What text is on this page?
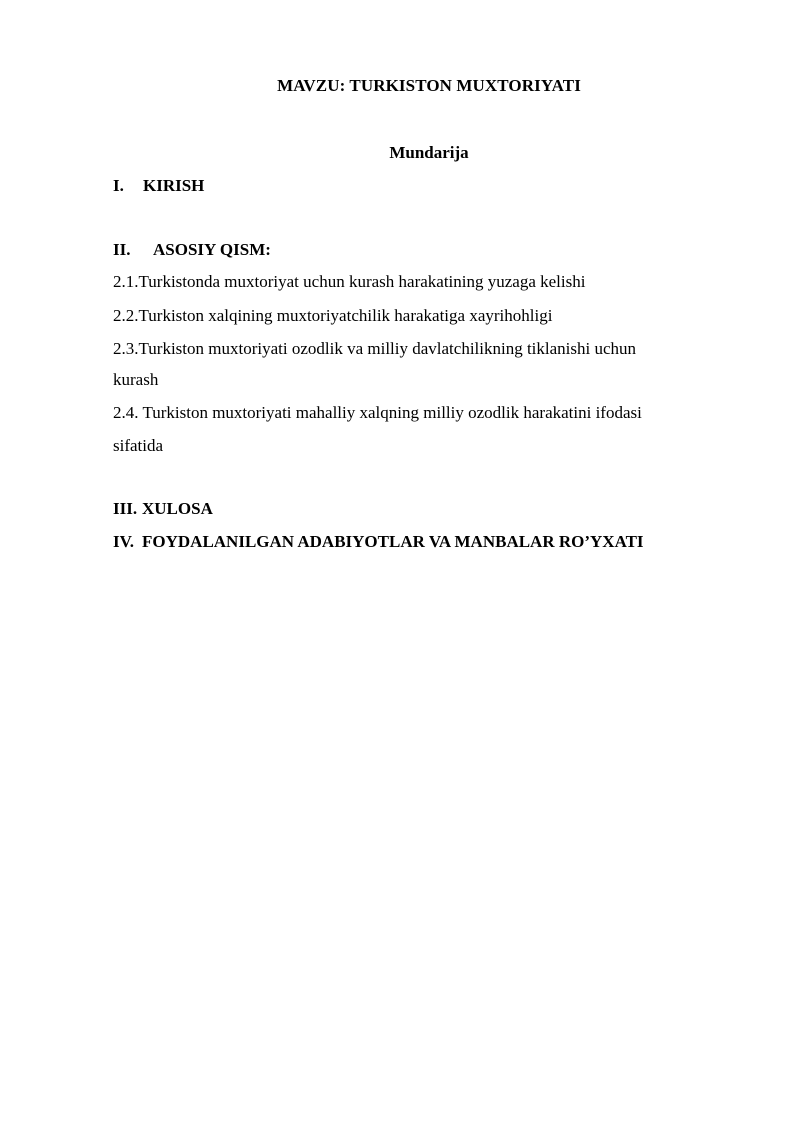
MAVZU: TURKISTON MUXTORIYATI
Mundarija
I. KIRISH
II. ASOSIY QISM:
2.1.Turkistonda muxtoriyat uchun kurash harakatining yuzaga kelishi
2.2.Turkiston xalqining muxtoriyatchilik harakatiga xayrihohligi
2.3.Turkiston muxtoriyati ozodlik va milliy davlatchilikning tiklanishi uchun
kurash
2.4. Turkiston muxtoriyati mahalliy xalqning milliy ozodlik harakatini ifodasi
sifatida
III. XULOSA
IV. FOYDALANILGAN ADABIYOTLAR VA MANBALAR RO’YXATI
